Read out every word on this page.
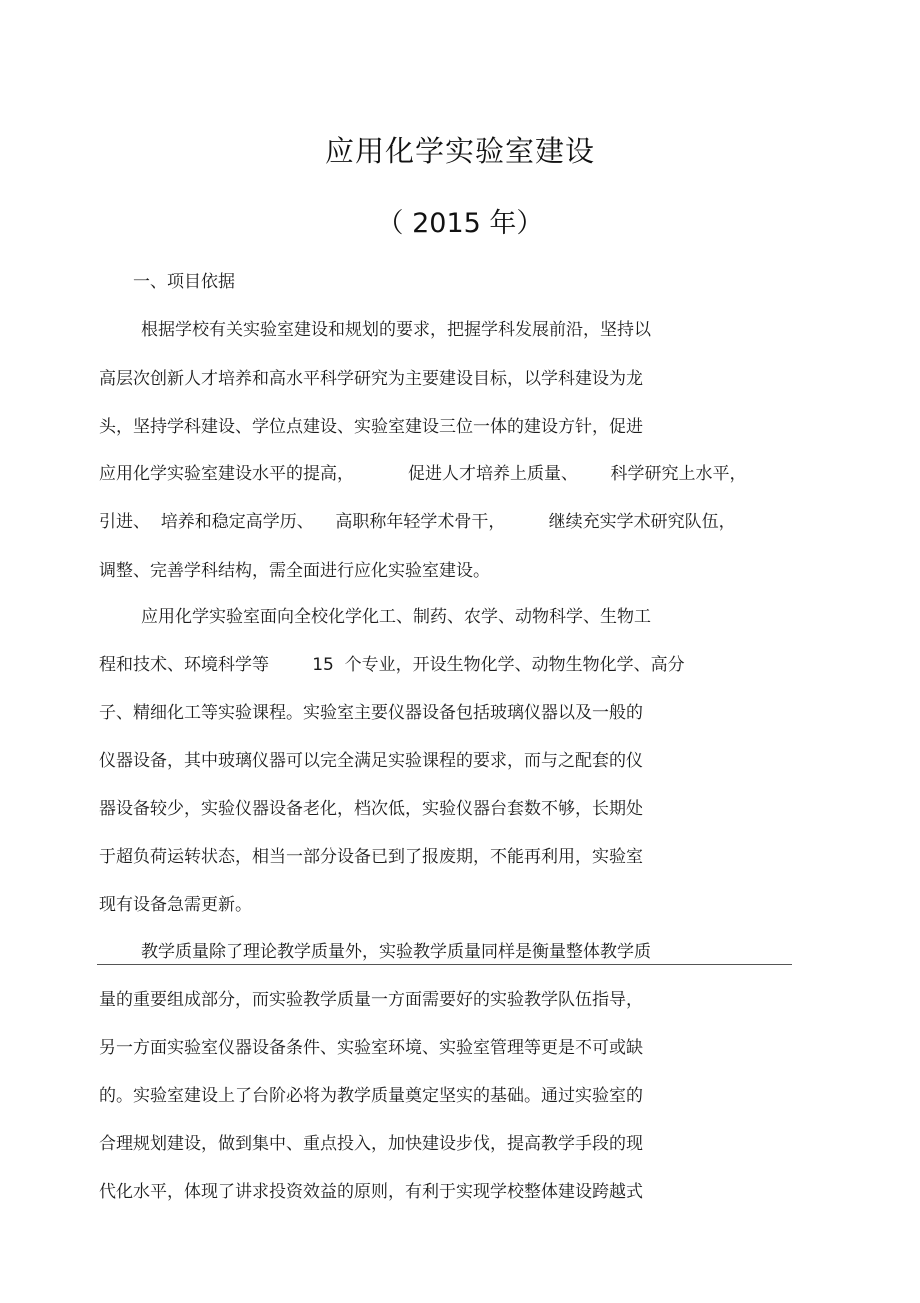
应用化学实验室建设
（ 2015 年）
一、项目依据
根据学校有关实验室建设和规划的要求，把握学科发展前沿，坚持以
高层次创新人才培养和高水平科学研究为主要建设目标，以学科建设为龙
头，坚持学科建设、学位点建设、实验室建设三位一体的建设方针，促进
应用化学实验室建设水平的提高，          促进人才培养上质量、      科学研究上水平，
引进、  培养和稳定高学历、    高职称年轻学术骨干，        继续充实学术研究队伍，
调整、完善学科结构，需全面进行应化实验室建设。
应用化学实验室面向全校化学化工、制药、农学、动物科学、生物工
程和技术、环境科学等        15  个专业，开设生物化学、动物生物化学、高分
子、精细化工等实验课程。实验室主要仪器设备包括玻璃仪器以及一般的
仪器设备，其中玻璃仪器可以完全满足实验课程的要求，而与之配套的仪
器设备较少，实验仪器设备老化，档次低，实验仪器台套数不够，长期处
于超负荷运转状态，相当一部分设备已到了报废期，不能再利用，实验室
现有设备急需更新。
教学质量除了理论教学质量外，实验教学质量同样是衡量整体教学质
量的重要组成部分，而实验教学质量一方面需要好的实验教学队伍指导，
另一方面实验室仪器设备条件、实验室环境、实验室管理等更是不可或缺
的。实验室建设上了台阶必将为教学质量奠定坚实的基础。通过实验室的
合理规划建设，做到集中、重点投入，加快建设步伐，提高教学手段的现
代化水平，体现了讲求投资效益的原则，有利于实现学校整体建设跨越式
